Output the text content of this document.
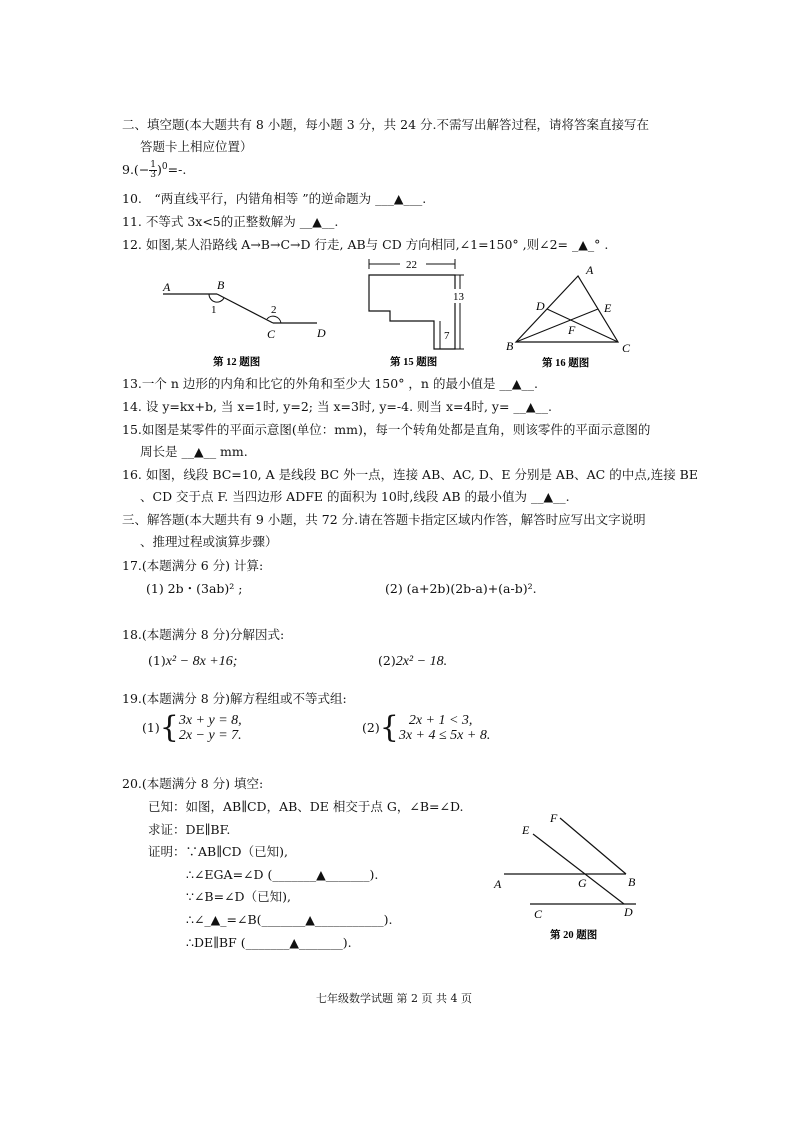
二、填空题(本大题共有 8 小题，每小题 3 分，共 24 分.不需写出解答过程，请将答案直接写在
答题卡上相应位置）
$9.(- \frac{1}{3} )^0=-$.
10.　“两直线平行，内错角相等 ”的逆命题为 ___▲___.
11. 不等式 3x<5的正整数解为 __▲__.
12. 如图,某人沿路线 A→B→C→D 行走, AB与 CD 方向相同,∠1=150° ,则∠2= _▲_° .
A	B
1	2
C	D
第 12 题图
22
13
7
第 15 题图
A
D	E
F
B	C
第 16 题图
13.一个 n 边形的内角和比它的外角和至少大 150° ，n 的最小值是 __▲__.
14. 设 y=kx+b, 当 x=1时, y=2; 当 x=3时, y=-4. 则当 x=4时, y= __▲__.
15.如图是某零件的平面示意图(单位：mm)，每一个转角处都是直角，则该零件的平面示意图的
周长是 __▲__ mm.
16. 如图，线段 BC=10, A 是线段 BC 外一点，连接 AB、AC, D、E 分别是 AB、AC 的中点,连接 BE
、CD 交于点 F. 当四边形 ADFE 的面积为 10时,线段 AB 的最小值为 __▲__.
三、解答题(本大题共有 9 小题，共 72 分.请在答题卡指定区域内作答，解答时应写出文字说明
、推理过程或演算步骤）
17.(本题满分 6 分) 计算:
(1) 2b・(3ab)² ;	(2) (a+2b)(2b-a)+(a-b)².
18.(本题满分 8 分)分解因式:
(1)x² − 8x +16;	(2)2x² − 18.
19.(本题满分 8 分)解方程组或不等式组:
(1){ 3x + y = 8,
2x − y = 7.
(2){ 2x + 1 < 3,
3x + 4 ≤ 5x + 8.
20.(本题满分 8 分) 填空:
已知：如图，AB∥CD，AB、DE 相交于点 G，∠B=∠D.
求证：DE∥BF.
证明：∵AB∥CD（已知),
∴∠EGA=∠D (_______▲_______).
∵∠B=∠D（已知),
∴∠_▲_=∠B(_______▲___________).
∴DE∥BF (_______▲_______).
A	B
C	D
E
F
G
第 20 题图
七年级数学试题 第 2 页 共 4 页
